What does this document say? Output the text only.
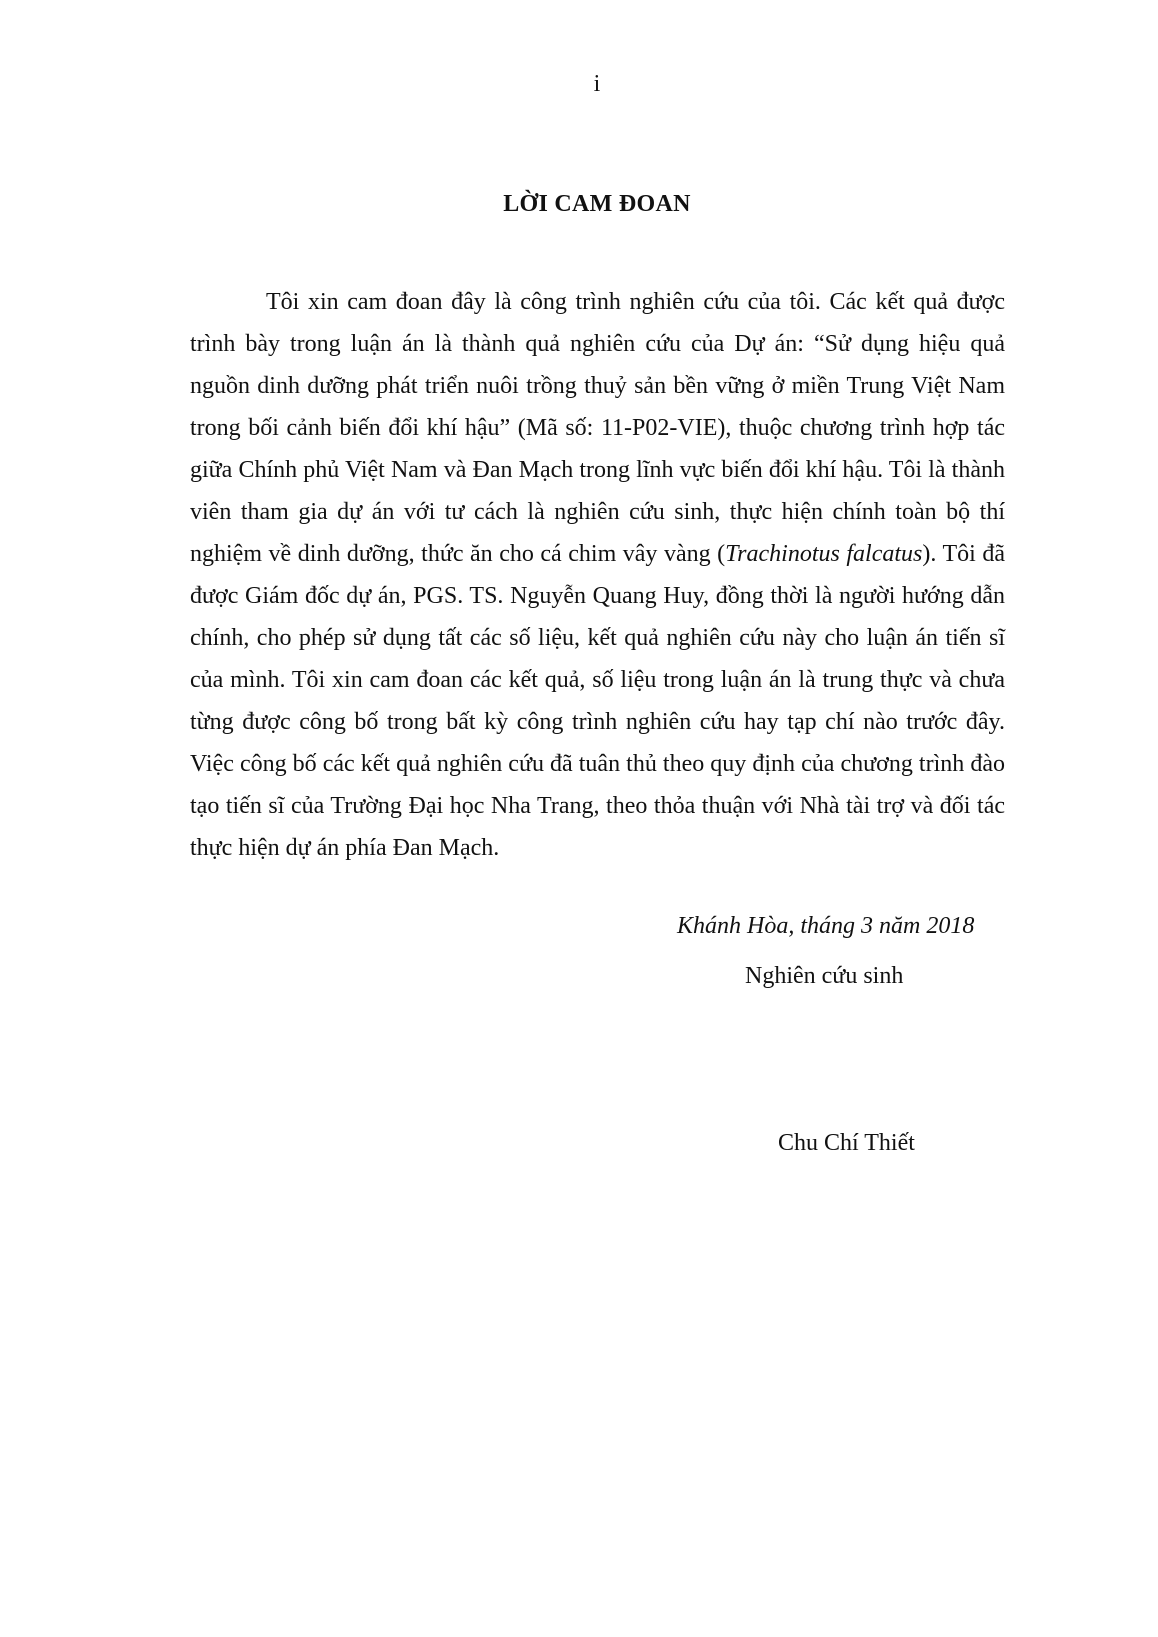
i
LỜI CAM ĐOAN

Tôi xin cam đoan đây là công trình nghiên cứu của tôi. Các kết quả được trình bày trong luận án là thành quả nghiên cứu của Dự án: “Sử dụng hiệu quả nguồn dinh dưỡng phát triển nuôi trồng thuỷ sản bền vững ở miền Trung Việt Nam trong bối cảnh biến đổi khí hậu” (Mã số: 11-P02-VIE), thuộc chương trình hợp tác giữa Chính phủ Việt Nam và Đan Mạch trong lĩnh vực biến đổi khí hậu. Tôi là thành viên tham gia dự án với tư cách là nghiên cứu sinh, thực hiện chính toàn bộ thí nghiệm về dinh dưỡng, thức ăn cho cá chim vây vàng (Trachinotus falcatus). Tôi đã được Giám đốc dự án, PGS. TS. Nguyễn Quang Huy, đồng thời là người hướng dẫn chính, cho phép sử dụng tất các số liệu, kết quả nghiên cứu này cho luận án tiến sĩ của mình. Tôi xin cam đoan các kết quả, số liệu trong luận án là trung thực và chưa từng được công bố trong bất kỳ công trình nghiên cứu hay tạp chí nào trước đây. Việc công bố các kết quả nghiên cứu đã tuân thủ theo quy định của chương trình đào tạo tiến sĩ của Trường Đại học Nha Trang, theo thỏa thuận với Nhà tài trợ và đối tác thực hiện dự án phía Đan Mạch.

Khánh Hòa, tháng 3 năm 2018
Nghiên cứu sinh
Chu Chí Thiết
